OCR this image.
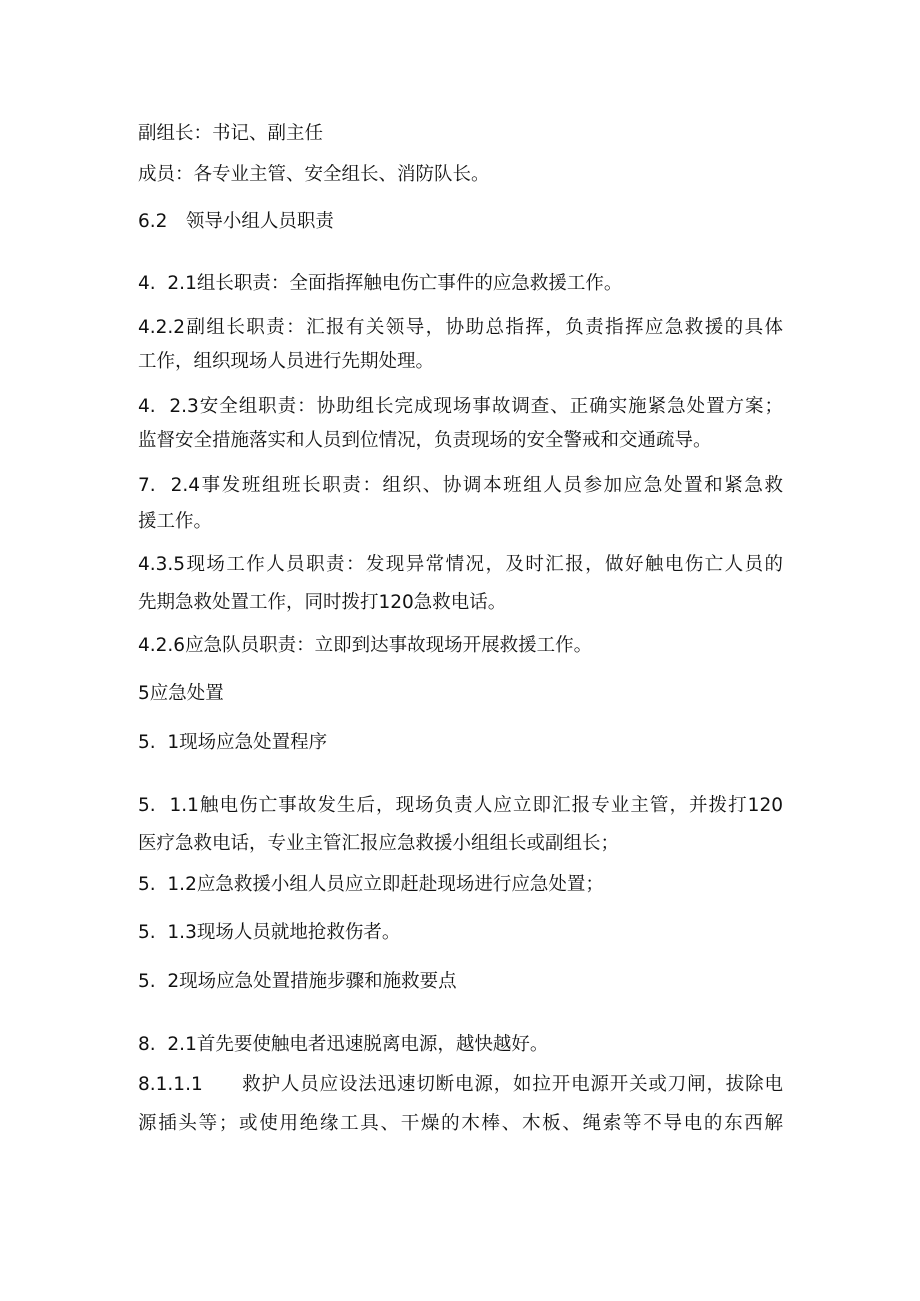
副组长：书记、副主任
成员：各专业主管、安全组长、消防队长。
6.2　领导小组人员职责
4.  2.1组长职责：全面指挥触电伤亡事件的应急救援工作。
4.2.2副组长职责：汇报有关领导，协助总指挥，负责指挥应急救援的具体
工作，组织现场人员进行先期处理。
4.  2.3安全组职责：协助组长完成现场事故调查、正确实施紧急处置方案；
监督安全措施落实和人员到位情况，负责现场的安全警戒和交通疏导。
7.  2.4事发班组班长职责：组织、协调本班组人员参加应急处置和紧急救
援工作。
4.3.5现场工作人员职责：发现异常情况，及时汇报，做好触电伤亡人员的
先期急救处置工作，同时拨打120急救电话。
4.2.6应急队员职责：立即到达事故现场开展救援工作。
5应急处置
5.  1现场应急处置程序
5.  1.1触电伤亡事故发生后，现场负责人应立即汇报专业主管，并拨打120
医疗急救电话，专业主管汇报应急救援小组组长或副组长；
5.  1.2应急救援小组人员应立即赶赴现场进行应急处置；
5.  1.3现场人员就地抢救伤者。
5.  2现场应急处置措施步骤和施救要点
8.  2.1首先要使触电者迅速脱离电源，越快越好。
8.1.1.1　　救护人员应设法迅速切断电源，如拉开电源开关或刀闸，拔除电
源插头等；或使用绝缘工具、干燥的木棒、木板、绳索等不导电的东西解
